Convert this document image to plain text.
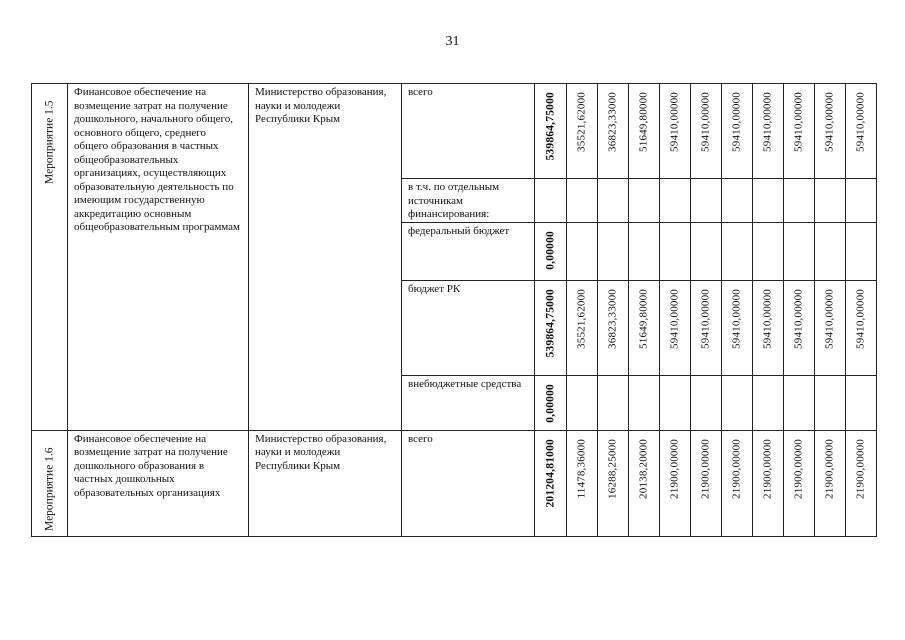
31
Мероприятие 1.5	Финансовое обеспечение на возмещение затрат на получение дошкольного, начального общего, основного общего, среднего общего образования в частных общеобразовательных организациях, осуществляющих образовательную деятельность по имеющим государственную аккредитацию основным общеобразовательным программам	Министерство образования, науки и молодежи Республики Крым	всего	539864,75000	35521,62000	36823,33000	51649,80000	59410,00000	59410,00000	59410,00000	59410,00000	59410,00000	59410,00000	59410,00000

			в т.ч. по отдельным источникам финансирования:											
			федеральный бюджет	0,00000										

			бюджет РК	539864,75000	35521,62000	36823,33000	51649,80000	59410,00000	59410,00000	59410,00000	59410,00000	59410,00000	59410,00000	59410,00000

			внебюджетные средства	0,00000										

Мероприятие 1.6	Финансовое обеспечение на возмещение затрат на получение дошкольного образования в частных дошкольных образовательных организациях	Министерство образования, науки и молодежи Республики Крым	всего	201204,81000	11478,36000	16288,25000	20138,20000	21900,00000	21900,00000	21900,00000	21900,00000	21900,00000	21900,00000	21900,00000
